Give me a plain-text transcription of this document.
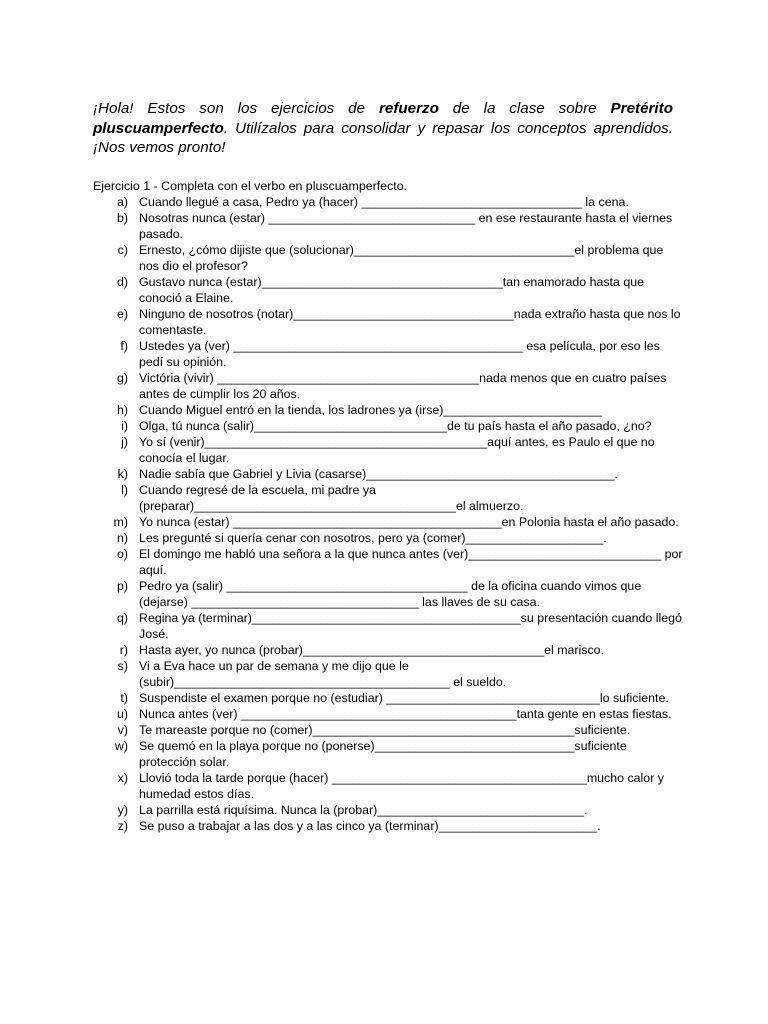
¡Hola! Estos son los ejercicios de refuerzo de la clase sobre Pretérito pluscuamperfecto. Utilízalos para consolidar y repasar los conceptos aprendidos. ¡Nos vemos pronto!

Ejercicio 1 - Completa con el verbo en pluscuamperfecto.

a) Cuando llegué a casa, Pedro ya (hacer) ________________________________ la cena.
b) Nosotras nunca (estar) ______________________________ en ese restaurante hasta el viernes pasado.
c) Ernesto, ¿cómo dijiste que (solucionar)________________________________el problema que nos dio el profesor?
d) Gustavo nunca (estar)___________________________________tan enamorado hasta que conoció a Elaine.
e) Ninguno de nosotros (notar)________________________________nada extraño hasta que nos lo comentaste.
f) Ustedes ya (ver) __________________________________________ esa película, por eso les pedí su opinión.
g) Victória (vivir) ______________________________________nada menos que en cuatro países antes de cumplir los 20 años.
h) Cuando Miguel entró en la tienda, los ladrones ya (irse)_______________________
i) Olga, tú nunca (salir)____________________________de tu país hasta el año pasado, ¿no?
j) Yo sí (venir)_________________________________________aquí antes, es Paulo el que no conocía el lugar.
k) Nadie sabía que Gabriel y Livia (casarse)____________________________________.
l) Cuando regresé de la escuela, mi padre ya (preparar)______________________________________el almuerzo.
m) Yo nunca (estar) _______________________________________en Polonia hasta el año pasado.
n) Les pregunté si quería cenar con nosotros, pero ya (comer)____________________.
o) El domingo me habló una señora a la que nunca antes (ver)____________________________ por aquí.
p) Pedro ya (salir) ___________________________________ de la oficina cuando vimos que (dejarse) _________________________________ las llaves de su casa.
q) Regina ya (terminar)_______________________________________su presentación cuando llegó José.
r) Hasta ayer, yo nunca (probar)___________________________________el marisco.
s) Vi a Eva hace un par de semana y me dijo que le (subir)________________________________________ el sueldo.
t) Suspendiste el examen porque no (estudiar) _______________________________lo suficiente.
u) Nunca antes (ver) ________________________________________tanta gente en estas fiestas.
v) Te mareaste porque no (comer)______________________________________suficiente.
w) Se quemó en la playa porque no (ponerse)_____________________________suficiente protección solar.
x) Llovió toda la tarde porque (hacer) _____________________________________mucho calor y humedad estos días.
y) La parrilla está riquísima. Nunca la (probar)______________________________.
z) Se puso a trabajar a las dos y a las cinco ya (terminar)_______________________.
